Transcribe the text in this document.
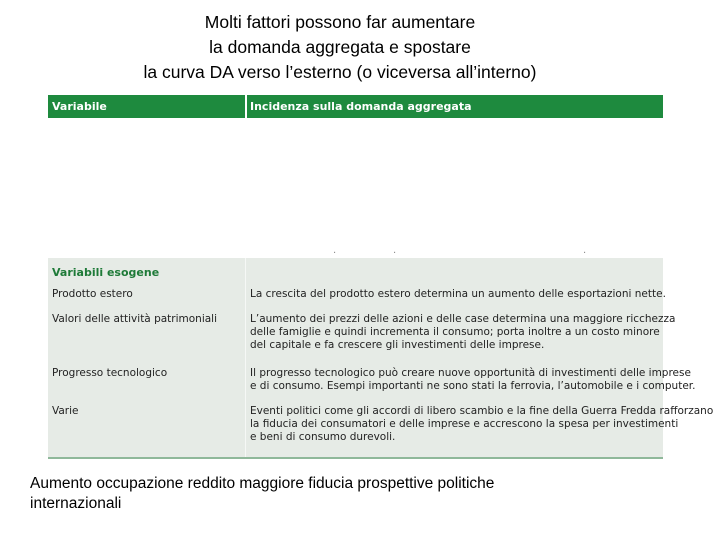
Molti fattori possono far aumentare
la domanda aggregata e spostare
la curva DA verso l’esterno (o viceversa all’interno)
Variabile	Incidenza sulla domanda aggregata
.	.	.
Variabili esogene
Prodotto estero	La crescita del prodotto estero determina un aumento delle esportazioni nette.
Valori delle attività patrimoniali	L’aumento dei prezzi delle azioni e delle case determina una maggiore ricchezza
delle famiglie e quindi incrementa il consumo; porta inoltre a un costo minore
del capitale e fa crescere gli investimenti delle imprese.
Progresso tecnologico	Il progresso tecnologico può creare nuove opportunità di investimenti delle imprese
e di consumo. Esempi importanti ne sono stati la ferrovia, l’automobile e i computer.
Varie	Eventi politici come gli accordi di libero scambio e la fine della Guerra Fredda rafforzano
la fiducia dei consumatori e delle imprese e accrescono la spesa per investimenti
e beni di consumo durevoli.
Aumento occupazione reddito maggiore fiducia prospettive politiche
internazionali
